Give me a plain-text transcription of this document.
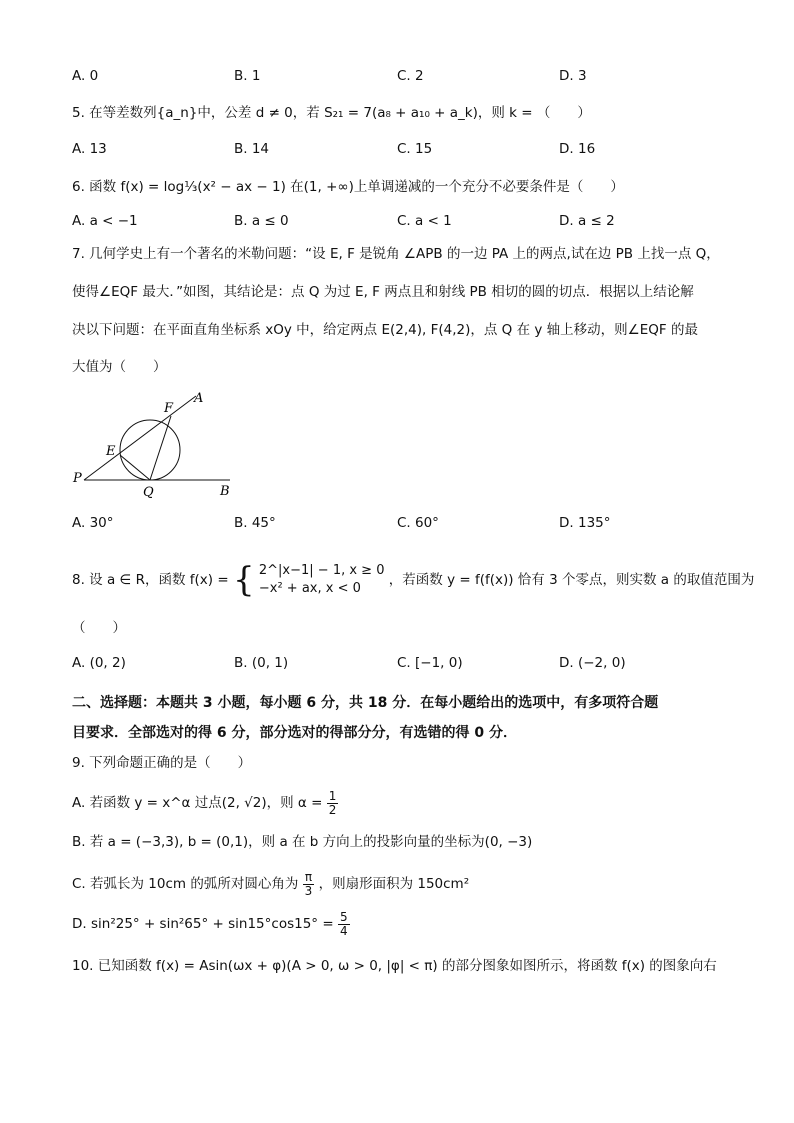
A. 0	B. 1	C. 2	D. 3
5. 在等差数列{a_n}中，公差 d ≠ 0，若 S₂₁ = 7(a₈ + a₁₀ + a_k)，则 k = （　　）
A. 13	B. 14	C. 15	D. 16
6. 函数 f(x) = log⅓(x² − ax − 1) 在(1, +∞)上单调递减的一个充分不必要条件是（　　）
A. a < −1	B. a ≤ 0	C. a < 1	D. a ≤ 2
7. 几何学史上有一个著名的米勒问题：“设 E, F 是锐角 ∠APB 的一边 PA 上的两点,试在边 PB 上找一点 Q，
使得∠EQF 最大．”如图，其结论是：点 Q 为过 E, F 两点且和射线 PB 相切的圆的切点．根据以上结论解
决以下问题：在平面直角坐标系 xOy 中，给定两点 E(2,4), F(4,2)，点 Q 在 y 轴上移动，则∠EQF 的最
大值为（　　）
P
Q	B
E
F
A
A. 30°	B. 45°	C. 60°	D. 135°
8. 设 a ∈ R，函数 f(x) = { 2^|x−1| − 1, x ≥ 0
−x² + ax, x < 0
，若函数 y = f(f(x)) 恰有 3 个零点，则实数 a 的取值范围为
（　　）
A. (0, 2)	B. (0, 1)	C. [−1, 0)	D. (−2, 0)
二、选择题：本题共 3 小题，每小题 6 分，共 18 分．在每小题给出的选项中，有多项符合题
目要求．全部选对的得 6 分，部分选对的得部分分，有选错的得 0 分．
9. 下列命题正确的是（　　）
A. 若函数 y = x^α 过点(2, √2)，则 $\alpha = \frac{1}{2}$
B. 若 a = (−3,3), b = (0,1)，则 a 在 b 方向上的投影向量的坐标为(0, −3)
C. 若弧长为 10cm 的弧所对圆心角为 $\frac{\pi}{3}$ ，则扇形面积为 150cm²
D. $\sin^225^\circ + \sin^265^\circ + \sin 15^\circ\cos 15^\circ = \frac{5}{4}$
10. 已知函数 f(x) = Asin(ωx + φ)(A > 0, ω > 0, |φ| < π) 的部分图象如图所示，将函数 f(x) 的图象向右
